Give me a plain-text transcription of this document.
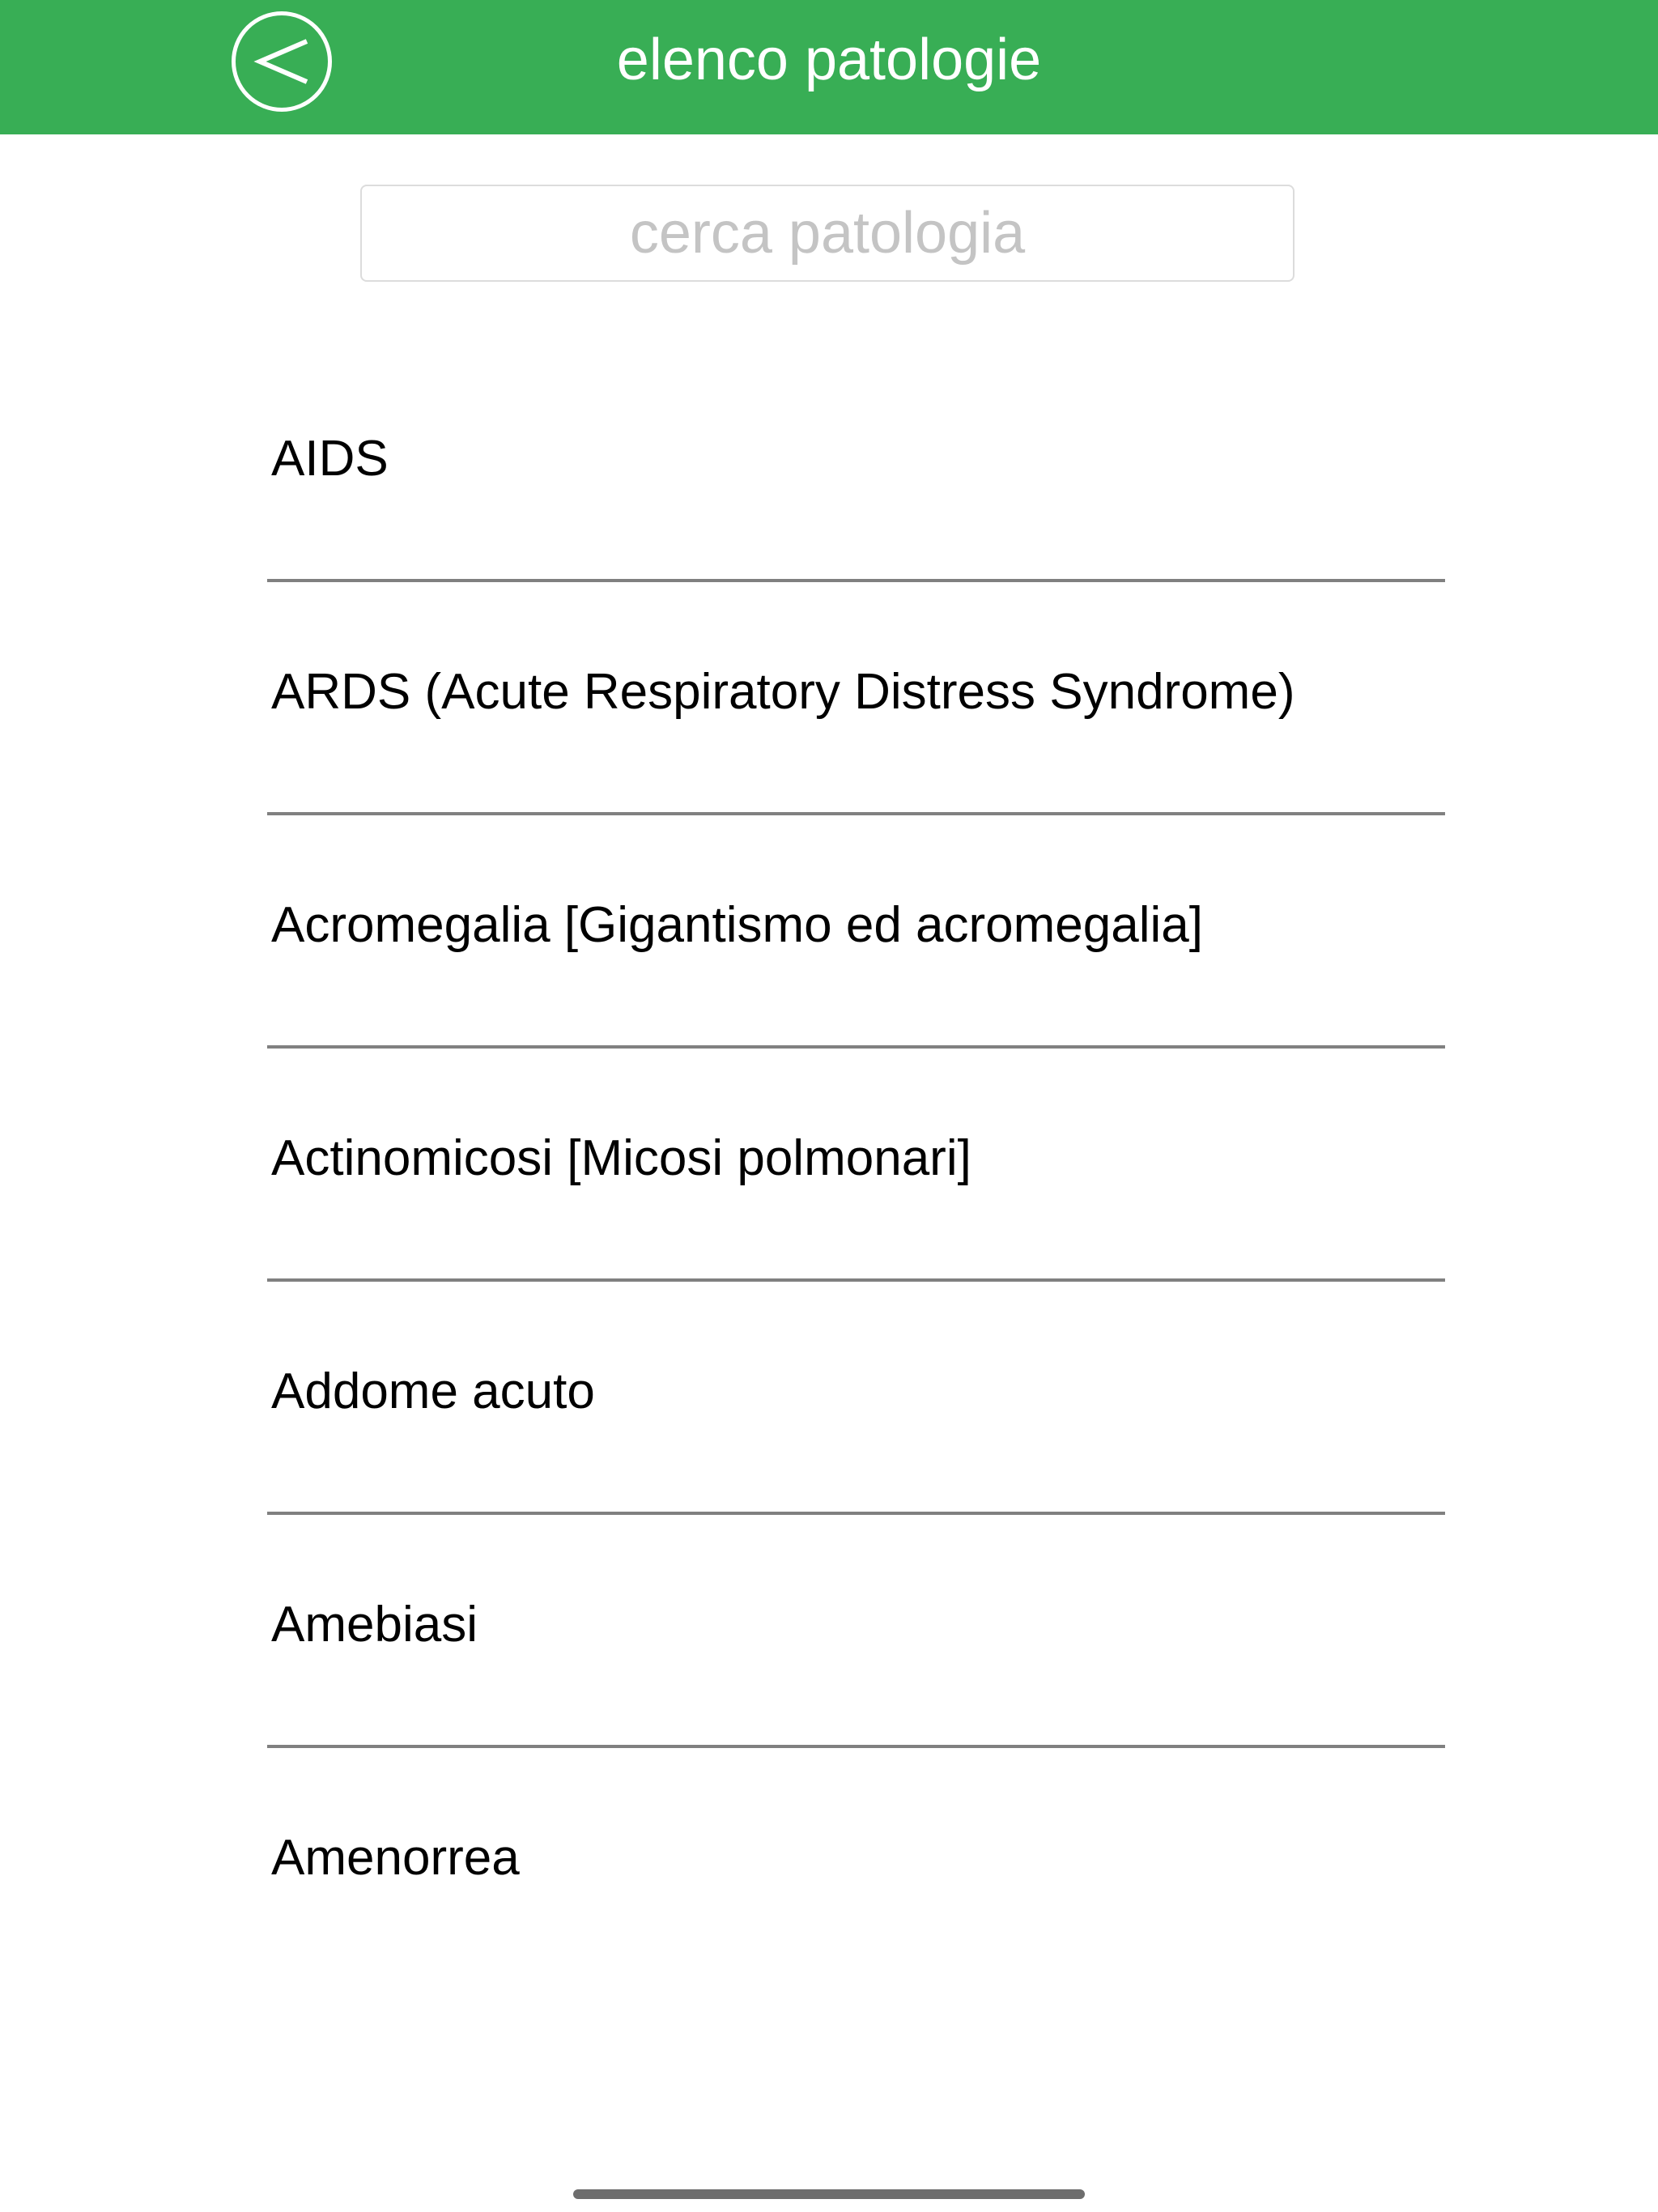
elenco patologie
cerca patologia
AIDS
ARDS (Acute Respiratory Distress Syndrome)
Acromegalia [Gigantismo ed acromegalia]
Actinomicosi [Micosi polmonari]
Addome acuto
Amebiasi
Amenorrea
